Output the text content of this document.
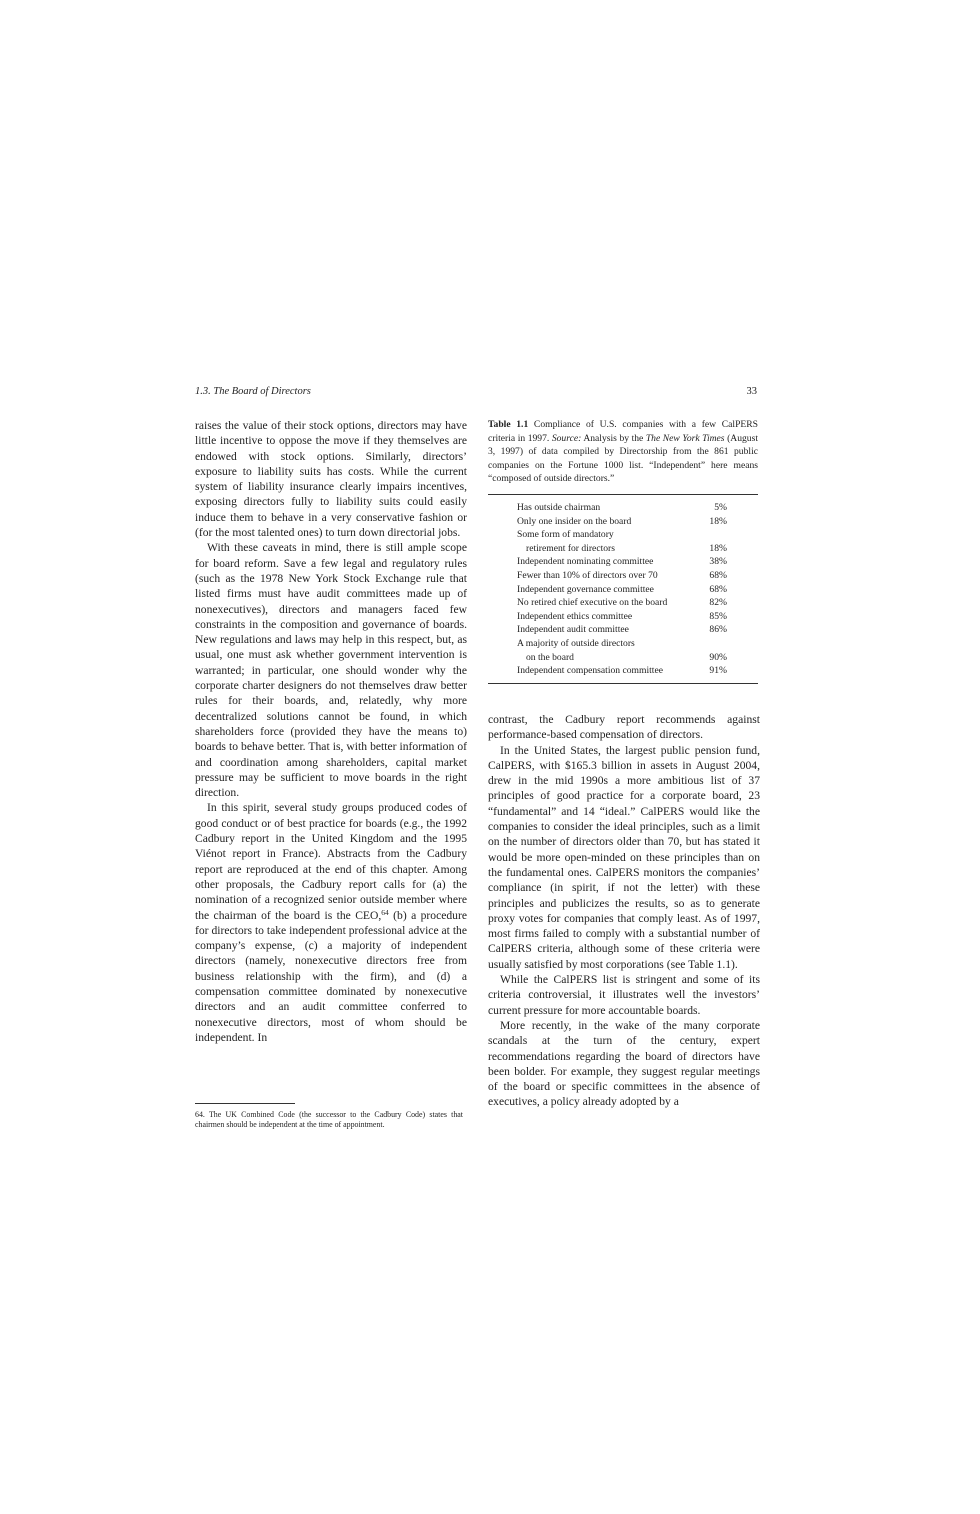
1.3. The Board of Directors	33

raises the value of their stock options, directors may have little incentive to oppose the move if they themselves are endowed with stock options. Similarly, directors’ exposure to liability suits has costs. While the current system of liability insurance clearly impairs incentives, exposing directors fully to liability suits could easily induce them to behave in a very conservative fashion or (for the most talented ones) to turn down directorial jobs.

With these caveats in mind, there is still ample scope for board reform. Save a few legal and regulatory rules (such as the 1978 New York Stock Exchange rule that listed firms must have audit committees made up of nonexecutives), directors and managers faced few constraints in the composition and governance of boards. New regulations and laws may help in this respect, but, as usual, one must ask whether government intervention is warranted; in particular, one should wonder why the corporate charter designers do not themselves draw better rules for their boards, and, relatedly, why more decentralized solutions cannot be found, in which shareholders force (provided they have the means to) boards to behave better. That is, with better information of and coordination among shareholders, capital market pressure may be sufficient to move boards in the right direction.

In this spirit, several study groups produced codes of good conduct or of best practice for boards (e.g., the 1992 Cadbury report in the United Kingdom and the 1995 Viénot report in France). Abstracts from the Cadbury report are reproduced at the end of this chapter. Among other proposals, the Cadbury report calls for (a) the nomination of a recognized senior outside member where the chairman of the board is the CEO,$^{64}$ (b) a procedure for directors to take independent professional advice at the company’s expense, (c) a majority of independent directors (namely, nonexecutive directors free from business relationship with the firm), and (d) a compensation committee dominated by nonexecutive directors and an audit committee conferred to nonexecutive directors, most of whom should be independent. In

64. The UK Combined Code (the successor to the Cadbury Code) states that chairmen should be independent at the time of appointment.
Table 1.1 Compliance of U.S. companies with a few CalPERS criteria in 1997. Source: Analysis by the The New York Times (August 3, 1997) of data compiled by Directorship from the 861 public companies on the Fortune 1000 list. “Independent” here means “composed of outside directors.”
Has outside chairman	5%
Only one insider on the board	18%
Some form of mandatory
retirement for directors	18%
Independent nominating committee	38%
Fewer than 10% of directors over 70	68%
Independent governance committee	68%
No retired chief executive on the board	82%
Independent ethics committee	85%
Independent audit committee	86%
A majority of outside directors
on the board	90%
Independent compensation committee	91%

contrast, the Cadbury report recommends against performance-based compensation of directors.

In the United States, the largest public pension fund, CalPERS, with $165.3 billion in assets in August 2004, drew in the mid 1990s a more ambitious list of 37 principles of good practice for a corporate board, 23 “fundamental” and 14 “ideal.” CalPERS would like the companies to consider the ideal principles, such as a limit on the number of directors older than 70, but has stated it would be more open-minded on these principles than on the fundamental ones. CalPERS monitors the companies’ compliance (in spirit, if not the letter) with these principles and publicizes the results, so as to generate proxy votes for companies that comply least. As of 1997, most firms failed to comply with a substantial number of CalPERS criteria, although some of these criteria were usually satisfied by most corporations (see Table 1.1).

While the CalPERS list is stringent and some of its criteria controversial, it illustrates well the investors’ current pressure for more accountable boards.

More recently, in the wake of the many corporate scandals at the turn of the century, expert recommendations regarding the board of directors have been bolder. For example, they suggest regular meetings of the board or specific committees in the absence of executives, a policy already adopted by a
